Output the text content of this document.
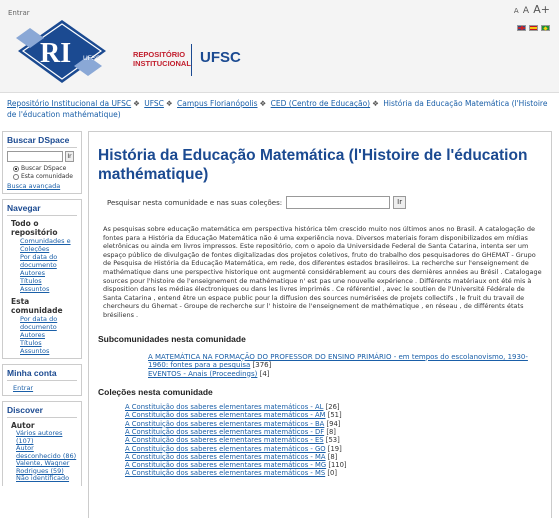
Entrar	A A A+
RI UFSC	REPOSITÓRIO
INSTITUCIONAL UFSC
Repositório Institucional da UFSC ❖ UFSC ❖ Campus Florianópolis ❖ CED (Centro de Educação) ❖ História da Educação Matemática (l'Histoire de l'éducation mathématique)
Buscar DSpace
Ir
Buscar DSpace
Esta comunidade
Busca avançada
Navegar
Todo o repositório
Comunidades e Coleções
Por data do documento
Autores
Títulos
Assuntos
Esta comunidade
Por data do documento
Autores
Títulos
Assuntos
Minha conta
Entrar
Discover
Autor
Vários autores (107)
Autor desconhecido (86)
Valente, Wagner Rodrigues (59)
Não identificado
História da Educação Matemática (l'Histoire de l'éducation mathématique)
Pesquisar nesta comunidade e nas suas coleções:	Ir

As pesquisas sobre educação matemática em perspectiva histórica têm crescido muito nos últimos anos no Brasil. A catalogação de fontes para a História da Educação Matemática não é uma experiência nova. Diversos materiais foram disponibilizados em mídias eletrônicas ou ainda em livros impressos. Este repositório, com o apoio da Universidade Federal de Santa Catarina, intenta ser um espaço público de divulgação de fontes digitalizadas dos projetos coletivos, fruto do trabalho dos pesquisadores do GHEMAT - Grupo de Pesquisa de História da Educação Matemática, em rede, dos diferentes estados brasileiros. La recherche sur l'enseignement de mathématique dans une perspective historique ont augmenté considérablement au cours des dernières années au Brésil . Catalogage sources pour l'histoire de l'enseignement de mathématique n' est pas une nouvelle expérience . Différents matériaux ont été mis à disposition dans les médias électroniques ou dans les livres imprimés . Ce référentiel , avec le soutien de l'Université Fédérale de Santa Catarina , entend être un espace public pour la diffusion des sources numérisées de projets collectifs , le fruit du travail de chercheurs du Ghemat - Groupe de recherche sur l' histoire de l'enseignement de mathématique , en réseau , de différents états brésiliens .

Subcomunidades nesta comunidade
A MATEMÁTICA NA FORMAÇÃO DO PROFESSOR DO ENSINO PRIMÁRIO - em tempos do escolanovismo, 1930-1960: fontes para a pesquisa [376]
EVENTOS - Anais (Proceedings) [4]
Coleções nesta comunidade
A Constituição dos saberes elementares matemáticos - AL [26]
A Constituição dos saberes elementares matemáticos - AM [51]
A Constituição dos saberes elementares matemáticos - BA [94]
A Constituição dos saberes elementares matemáticos - DF [8]
A Constituição dos saberes elementares matemáticos - ES [53]
A Constituição dos saberes elementares matemáticos - GO [19]
A Constituição dos saberes elementares matemáticos - MA [8]
A Constituição dos saberes elementares matemáticos - MG [110]
A Constituição dos saberes elementares matemáticos - MS [0]
